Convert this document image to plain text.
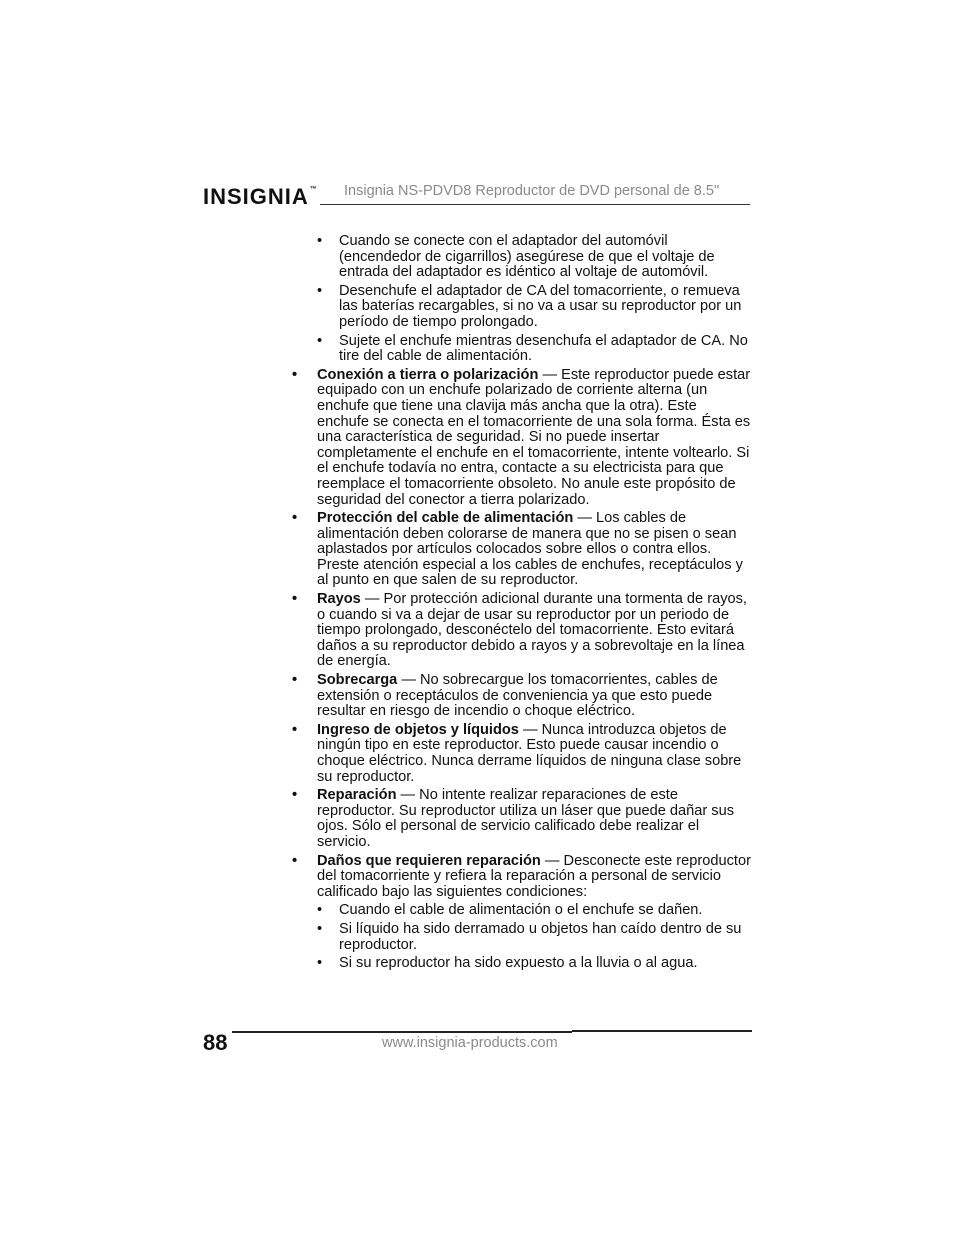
INSIGNIA™ Insignia NS-PDVD8 Reproductor de DVD personal de 8.5"
• Cuando se conecte con el adaptador del automóvil (encendedor de cigarrillos) asegúrese de que el voltaje de entrada del adaptador es idéntico al voltaje de automóvil.
• Desenchufe el adaptador de CA del tomacorriente, o remueva las baterías recargables, si no va a usar su reproductor por un período de tiempo prolongado.
• Sujete el enchufe mientras desenchufa el adaptador de CA. No tire del cable de alimentación.
• Conexión a tierra o polarización — Este reproductor puede estar equipado con un enchufe polarizado de corriente alterna (un enchufe que tiene una clavija más ancha que la otra). Este enchufe se conecta en el tomacorriente de una sola forma. Ésta es una característica de seguridad. Si no puede insertar completamente el enchufe en el tomacorriente, intente voltearlo. Si el enchufe todavía no entra, contacte a su electricista para que reemplace el tomacorriente obsoleto. No anule este propósito de seguridad del conector a tierra polarizado.
• Protección del cable de alimentación — Los cables de alimentación deben colorarse de manera que no se pisen o sean aplastados por artículos colocados sobre ellos o contra ellos. Preste atención especial a los cables de enchufes, receptáculos y al punto en que salen de su reproductor.
• Rayos — Por protección adicional durante una tormenta de rayos, o cuando si va a dejar de usar su reproductor por un periodo de tiempo prolongado, desconéctelo del tomacorriente. Esto evitará daños a su reproductor debido a rayos y a sobrevoltaje en la línea de energía.
• Sobrecarga — No sobrecargue los tomacorrientes, cables de extensión o receptáculos de conveniencia ya que esto puede resultar en riesgo de incendio o choque eléctrico.
• Ingreso de objetos y líquidos — Nunca introduzca objetos de ningún tipo en este reproductor. Esto puede causar incendio o choque eléctrico. Nunca derrame líquidos de ninguna clase sobre su reproductor.
• Reparación — No intente realizar reparaciones de este reproductor. Su reproductor utiliza un láser que puede dañar sus ojos. Sólo el personal de servicio calificado debe realizar el servicio.
• Daños que requieren reparación — Desconecte este reproductor del tomacorriente y refiera la reparación a personal de servicio calificado bajo las siguientes condiciones:
• Cuando el cable de alimentación o el enchufe se dañen.
• Si líquido ha sido derramado u objetos han caído dentro de su reproductor.
• Si su reproductor ha sido expuesto a la lluvia o al agua.
88	www.insignia-products.com
